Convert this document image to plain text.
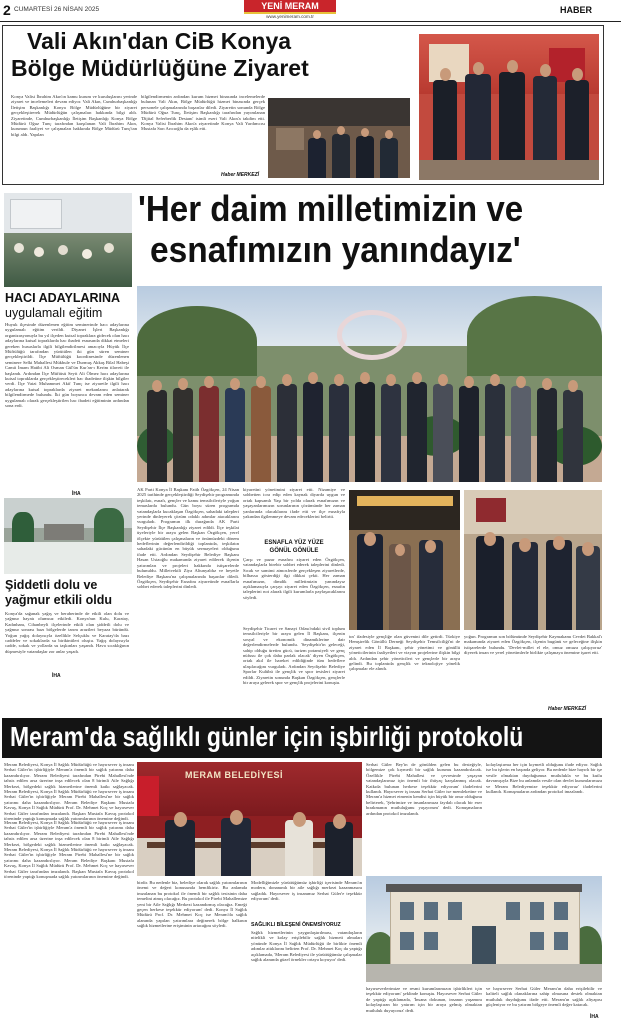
2 CUMARTESİ 26 NİSAN 2025	YENİ MERAM
www.yenimeram.com.tr
HABER
Vali Akın'dan CiB Konya
Bölge Müdürlüğüne Ziyaret
Konya Valisi İbrahim Akın'ın kamu kurum ve kuruluşlarını yerinde ziyaret ve incelemeleri devam ediyor. Vali Akın, Cumhurbaşkanlığı İletişim Başkanlığı Konya Bölge Müdürlüğüne bir ziyaret gerçekleştirerek Müdürlüğün çalışmaları hakkında bilgi aldı. Ziyaretinde, Cumhurbaşkanlığı İletişim Başkanlığı Konya Bölge Müdürü Oğuz Tunç tarafından karşılanan Vali İbrahim Akın, kurumun faaliyet ve çalışmaları hakkında Bölge Müdürü Tunç'tan bilgi aldı. Yapılan
bilgilendirmenin ardından kurum hizmet binasında incelemelerde bulunan Vali Akın, Bölge Müdürlüğü hizmet binasında gerçek personele çalışmalarında başarılar diledi. Ziyaretin sonunda Bölge Müdürü Oğuz Tunç, İletişim Başkanlığı tarafından yayımlanan 'Dijital Seferberlik Destanı' isimli eseri Vali Akın'a takdim etti. Konya Valisi İbrahim Akın'a ziyaretinde Konya Vali Yardımcısı Mustafa Sarı Arıcıoğlu da eşlik etti.
Haber MERKEZİ
HACI ADAYLARINA
uygulamalı eğitim
Huyuk ilçesinde düzenlenen eğitim seminerinde hacı adaylarına uygulamalı eğitim verildi. Diyanet İşleri Başkanlığı organizasyonuyla bu yıl ilçeden kutsal topraklara gidecek olan hacı adaylarına kutsal topraklarda hac ibadeti esnasında dikkat etmeleri gereken hususlarla ilgili bilgilendirilmesi amacıyla Hüyük İlçe Müftülüğü tarafından yürütülen iki gün süren seminer gerçekleştirildi. İlçe Müftülüğü koordinesinde düzenlenen seminere Selki Mahallesi Mükbule ve Durmuş Akkaş Bilal Habeşi Camii İmam Hatibi Ali Osman Gül'ün Kur'an-ı Kerim tilaveti ile başlandı. Ardından İlçe Müftüsü Seyit Ali Ölmez hacı adaylarına kutsal topraklarda gerçekleştirecekleri hac ibadetine ilişkin bilgiler verdi. İlçe Vaizi Muhammet Akif Tunç ise ziyaretle ilgili hacı adaylarına kutsal topraklarda ziyaret mekanlarını anlatarak bilgilendirmede bulundu. İki gün boyunca devam eden seminer uygulamalı olarak gerçekleştirilen hac ibadeti eğitiminin ardından sona erdi.
İHA
Şiddetli dolu ve
yağmur etkili oldu
Konya'da sağanak yağış ve beraberinde de etkili olan dolu ve yağmur hayatı olumsuz etkiledi. Konya'nın Kulu, Karatay, Kadınhanı, Cihanbeyli ilçelerinde etkili olan şiddetli dolu ve yağmur sonrası bazı bölgelerde tarım arazileri beyaza büründü. Yoğun yağış dolayısıyla özellikle Selçuklu ve Karatay'da bazı caddeler ve sokaklarda su birikintileri oluştu. Yağış dolayısıyla cadde, sokak ve yollarda su taşkınları yaşandı. Hava sıcaklığının düşmesiyle vatandaşlar zor anlar yaşadı.
İHA
'Her daim milletimizin ve
esnafımızın yanındayız'
AK Parti Konya İl Başkanı Fatih Özgökçen, 24 Nisan 2025 tarihinde gerçekleştirdiği Seydişehir programında teşkilatı, esnafı, gençler ve kamu temsilcileriyle yoğun temaslarda bulundu. Gün boyu süren programda vatandaşlarla kucaklaşan Özgökçen, sahadaki talepleri yerinde dinleyerek çözüm odaklı adımlar atacaklarını vurguladı. Programın ilk durağında AK Parti Seydişehir İlçe Başkanlığı ziyaret edildi. İlçe teşkilat üyeleriyle bir araya gelen Başkan Özgökçen, yerel ölçekte yürütülen çalışmaların ve önümüzdeki dönem hedeflerinin değerlendirildiği toplantıda, teşkilatın sahadaki gücünün en büyük sermayeleri olduğunu ifade etti. Ardından Seydişehir Belediye Başkanı Hasan Ustaoğlu makamında ziyaret edilerek ilçenin yatırımları ve projeleri hakkında istişarelerde bulunuldu. Milletvekili Ziya Altunyaldız ve heyetle Belediye Başkanı'na çalışmalarında başarılar diledi. Özgökçen, Seydişehir Esnafını ziyaretinde esnaflarla sohbet ederek taleplerini dinledi.
kiyaretini yönetimini ziyaret etti. Nizamiye ve sohbetten icra edip eden kaynak diyarda uygun ve ortak kapsamlı Yaşı bir yolda olarak esnafımızın ve yaşayanlarımızın sorunlarının çözümünde her zaman yanlarında olacaklarını ifade etti ve ilçe esnafıyla yakından ilgilenmeye devam edeceklerini belirtti.
ESNAFLA YÜZ YÜZE
GÖNÜL GÖNÜLE
Çarşı ve pazar esnafını ziyaret eden Özgökçen, vatandaşlarla birebir sohbet ederek taleplerini dinledi. Sıcak ve samimi atmosferde gerçekleşen ziyaretlerde, bilhassa gösterdiği ilgi dikkat çekti. Her zaman esnafımızın, dimdik milletimizin yanındayız açıklamasıyla çarşıyı ziyaret eden Özgökçen, esnafın taleplerini not alarak ilgili kurumlarla paylaşacaklarını söyledi.
Seydişehir Ticaret ve Sanayi Odası'ndaki sivil toplum temsilcileriyle bir araya gelen İl Başkanı, ilçenin sosyal ve ekonomik dinamiklerine dair değerlendirmelerde bulundu. 'Seydişehir'in geleceği, sahip olduğu üretim gücü, turizm potansiyeli ve genç nüfusu ile çok daha parlak olacak' diyen Özgökçen, ortak akıl ile hareket edildiğinde tüm hedeflere ulaşılacağını vurguladı. Ardından Seydişehir Belediye Sporlar Kulübü ile gençlik ve spor tesisleri ziyaret edildi. Ziyaretin sonunda Başkan Özgökçen, gençlerle bir araya gelerek spor ve gençlik projelerini konuştu.
tın' ifadesiyle gençliğe olan güvenini dile getirdi. Türkiye Hemşirelik Gönüllü Derneği Seydişehir Temsilciliği'ni de ziyaret eden İl Başkanı, şehir yönetimi ve gönüllü yöneticilerinin faaliyetleri ve vizyon projelerine ilişkin bilgi aldı. Ardından şehir yöneticileri ve gençlerle bir araya gelindi. Bu toplantıda gençlik ve teknolojiye yönelik çalışmalar ele alındı.
yoğun. Programın son bölümünde Seydişehir Kaymakamı Cevdet Bakkal'ı makamında ziyaret eden Özgökçen, ilçenin bugünü ve geleceğine ilişkin istişarelerde bulundu. 'Devlet-millet el ele, omuz omuza çalışıyoruz' diyerek insan ve yerel yönetimlerle birlikte çalışmaya önemine işaret etti.
Haber MERKEZİ
Meram'da sağlıklı günler için işbirliği protokolü
Meram Belediyesi, Konya İl Sağlık Müdürlüğü ve hayırsever iş insanı Serhat Güler'in işbirliğiyle Meram'a önemli bir sağlık yatırımı daha kazandırılıyor. Meram Belediyesi tarafından Pirebi Mahallesi'nde tahsis edilen arsa üzerine inşa edilecek olan 8 birimli Aile Sağlığı Merkezi, bölgedeki sağlık hizmetlerine önemli katkı sağlayacak. Meram Belediyesi, Konya İl Sağlık Müdürlüğü ve hayırsever iş insanı Serhat Güler'in işbirliğiyle Meram Pirebi Mahallesi'ne bir sağlık yatırımı daha kazandırılıyor. Meram Belediye Başkanı Mustafa Kavuş, Konya İl Sağlık Müdürü Prof. Dr. Mehmet Koç ve hayırsever Serhat Güler tarafından imzalandı. Başkan Mustafa Kavuş protokol töreninde yaptığı konuşmada sağlık yatırımlarının önemine değindi.
MERAM BELEDİYESİ
Meram Belediyesi, Konya İl Sağlık Müdürlüğü ve hayırsever iş insanı Serhat Güler'in işbirliğiyle Meram'a önemli bir sağlık yatırımı daha kazandırılıyor. Meram Belediyesi tarafından Pirebi Mahallesi'nde tahsis edilen arsa üzerine inşa edilecek olan 8 birimli Aile Sağlığı Merkezi, bölgedeki sağlık hizmetlerine önemli katkı sağlayacak. Meram Belediyesi, Konya İl Sağlık Müdürlüğü ve hayırsever iş insanı Serhat Güler'in işbirliğiyle Meram Pirebi Mahallesi'ne bir sağlık yatırımı daha kazandırılıyor. Meram Belediye Başkanı Mustafa Kavuş, Konya İl Sağlık Müdürü Prof. Dr. Mehmet Koç ve hayırsever Serhat Güler tarafından imzalandı. Başkan Mustafa Kavuş protokol töreninde yaptığı konuşmada sağlık yatırımlarının önemine değindi.
birdir. Bu nedenle biz, belediye olarak sağlık yatırımlarının önemi ve değeri konusunda hemfikiriz. Bu anlamda imzalanan bu protokol ile önemli bir sağlık tesisinin daha temelini atmış olacağız. Bu protokol ile Pirebi Mahallemize yeni bir Aile Sağlığı Merkezi kazandırmış olacağız. Emeği geçen herkese teşekkür ediyorum' dedi. Konya İl Sağlık Müdürü Prof. Dr. Mehmet Koç ise Meram'da sağlık alanında yapılan yatırımlara değinerek bölge halkının sağlık hizmetlerine erişiminin artacağını söyledi.
Modelliğimizle yürüttüğümüz işbirliği içerisinde Meram'ın modern, donanımlı bir aile sağlığı merkezi kazanmasını sağladık. Hayırsever iş insanımız Serhat Güler'e teşekkür ediyorum' dedi.
SAĞLIKLI BİLEŞENİ ÖNEMSİYORUZ
Sağlık hizmetlerinin yaygınlaştırılması, vatandaşların nitelikli ve kolay erişilebilir sağlık hizmeti almaları yönünde Konya İl Sağlık Müdürlüğü ile birlikte önemli adımlar attıklarını belirten Prof. Dr. Mehmet Koç da yaptığı açıklamada, 'Meram Belediyesi ile yürüttüğümüz çalışmalar sağlık alanında güzel örnekler ortaya koyuyor' dedi.
Serhat Güler Bey'in de gönülden gelen bu desteğiyle, bölgemize çok kıymetli bir sağlık kurumu kazandırılacak. Özellikle Pirebi Mahallesi ve çevresinde yaşayan vatandaşlarımız için önemli bir ihtiyaç karşılanmış olacak. Katkıda bulunan herkese teşekkür ediyorum' ifadelerini kullandı. Hayırsever iş insanı Serhat Güler ise memleketine ve Meram'a hizmet etmenin kendisi için büyük bir onur olduğunu belirterek, 'Şehrimize ve insanlarımıza faydalı olacak bir eser bırakmanın mutluluğunu yaşıyorum' dedi. Konuşmaların ardından protokol imzalandı.
kolaylaştırma her için kıymetli olduğunu ifade ediyor. Sağlık ise bu işlerin en başında geliyor. Bu nedenle bize hayırlı bir işe vesile olmaktan duyduğumuz mutlulukla ve bu kutlu davranışıyla Bize bu anlamda vesile olan devlet kurumlarımıza ve Meram Belediyemize teşekkür ediyoruz' ifadelerini kullandı. Konuşmaların ardından protokol imzalandı.
hayırseverlerimize ve resmi kurumlarımızın işbirlikleri için teşekkür ediyorum' şeklinde konuştu. Hayırsever Serhat Güler de yaptığı açıklamada, 'İnsana dokunan, insanın yaşamını kolaylaştıran bir yatırım için bir araya gelmiş olmaktan mutluluk duyuyoruz' dedi.
ve hayırsever Serhat Güler Meram'ın daha erişilebilir ve kaliteli sağlık olanaklarına sahip olmasına destek olmaktan mutluluk duyduğunu ifade etti. Meram'ın sağlık altyapısı güçleniyor ve bu yatırım bölgeye önemli değer katacak.
İHA
